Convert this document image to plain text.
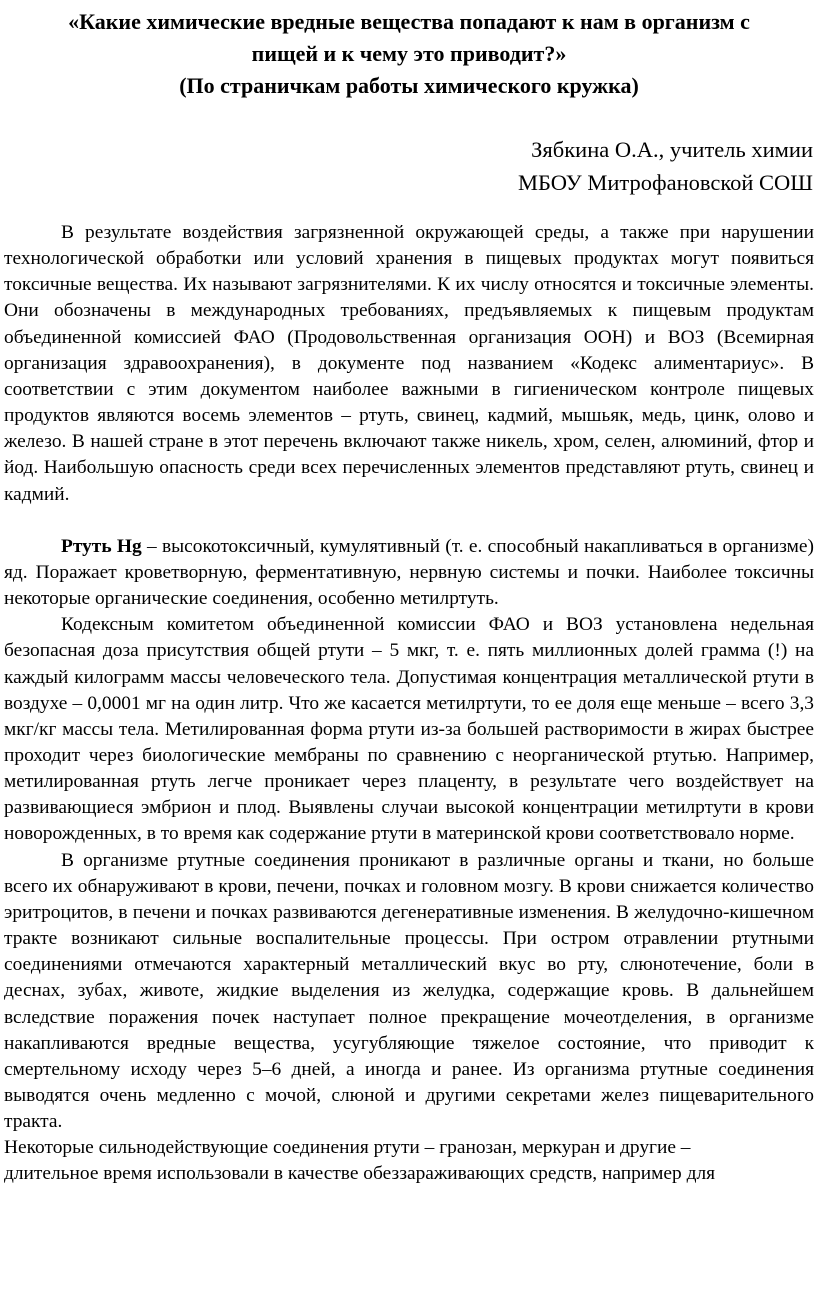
«Какие химические вредные вещества попадают к нам в организм с
пищей и к чему это приводит?»
(По страничкам работы химического кружка)
Зябкина О.А., учитель химии
МБОУ Митрофановской СОШ

В результате воздействия загрязненной окружающей среды, а также при нарушении технологической обработки или условий хранения в пищевых продуктах могут появиться токсичные вещества. Их называют загрязнителями. К их числу относятся и токсичные элементы. Они обозначены в международных требованиях, предъявляемых к пищевым продуктам объединенной комиссией ФАО (Продовольственная организация ООН) и ВОЗ (Всемирная организация здравоохранения), в документе под названием «Кодекс алиментариус». В соответствии с этим документом наиболее важными в гигиеническом контроле пищевых продуктов являются восемь элементов – ртуть, свинец, кадмий, мышьяк, медь, цинк, олово и железо. В нашей стране в этот перечень включают также никель, хром, селен, алюминий, фтор и йод. Наибольшую опасность среди всех перечисленных элементов представляют ртуть, свинец и кадмий.

Ртуть Hg – высокотоксичный, кумулятивный (т. е. способный накапливаться в организме) яд. Поражает кроветворную, ферментативную, нервную системы и почки. Наиболее токсичны некоторые органические соединения, особенно метилртуть.

Кодексным комитетом объединенной комиссии ФАО и ВОЗ установлена недельная безопасная доза присутствия общей ртути – 5 мкг, т. е. пять миллионных долей грамма (!) на каждый килограмм массы человеческого тела. Допустимая концентрация металлической ртути в воздухе – 0,0001 мг на один литр. Что же касается метилртути, то ее доля еще меньше – всего 3,3 мкг/кг массы тела. Метилированная форма ртути из-за большей растворимости в жирах быстрее проходит через биологические мембраны по сравнению с неорганической ртутью. Например, метилированная ртуть легче проникает через плаценту, в результате чего воздействует на развивающиеся эмбрион и плод. Выявлены случаи высокой концентрации метилртути в крови новорожденных, в то время как содержание ртути в материнской крови соответствовало норме.

В организме ртутные соединения проникают в различные органы и ткани, но больше всего их обнаруживают в крови, печени, почках и головном мозгу. В крови снижается количество эритроцитов, в печени и почках развиваются дегенеративные изменения. В желудочно-кишечном тракте возникают сильные воспалительные процессы. При остром отравлении ртутными соединениями отмечаются характерный металлический вкус во рту, слюнотечение, боли в деснах, зубах, животе, жидкие выделения из желудка, содержащие кровь. В дальнейшем вследствие поражения почек наступает полное прекращение мочеотделения, в организме накапливаются вредные вещества, усугубляющие тяжелое состояние, что приводит к смертельному исходу через 5–6 дней, а иногда и ранее. Из организма ртутные соединения выводятся очень медленно с мочой, слюной и другими секретами желез пищеварительного тракта.

Некоторые сильнодействующие соединения ртути – гранозан, меркуран и другие –
длительное время использовали в качестве обеззараживающих средств, например для
